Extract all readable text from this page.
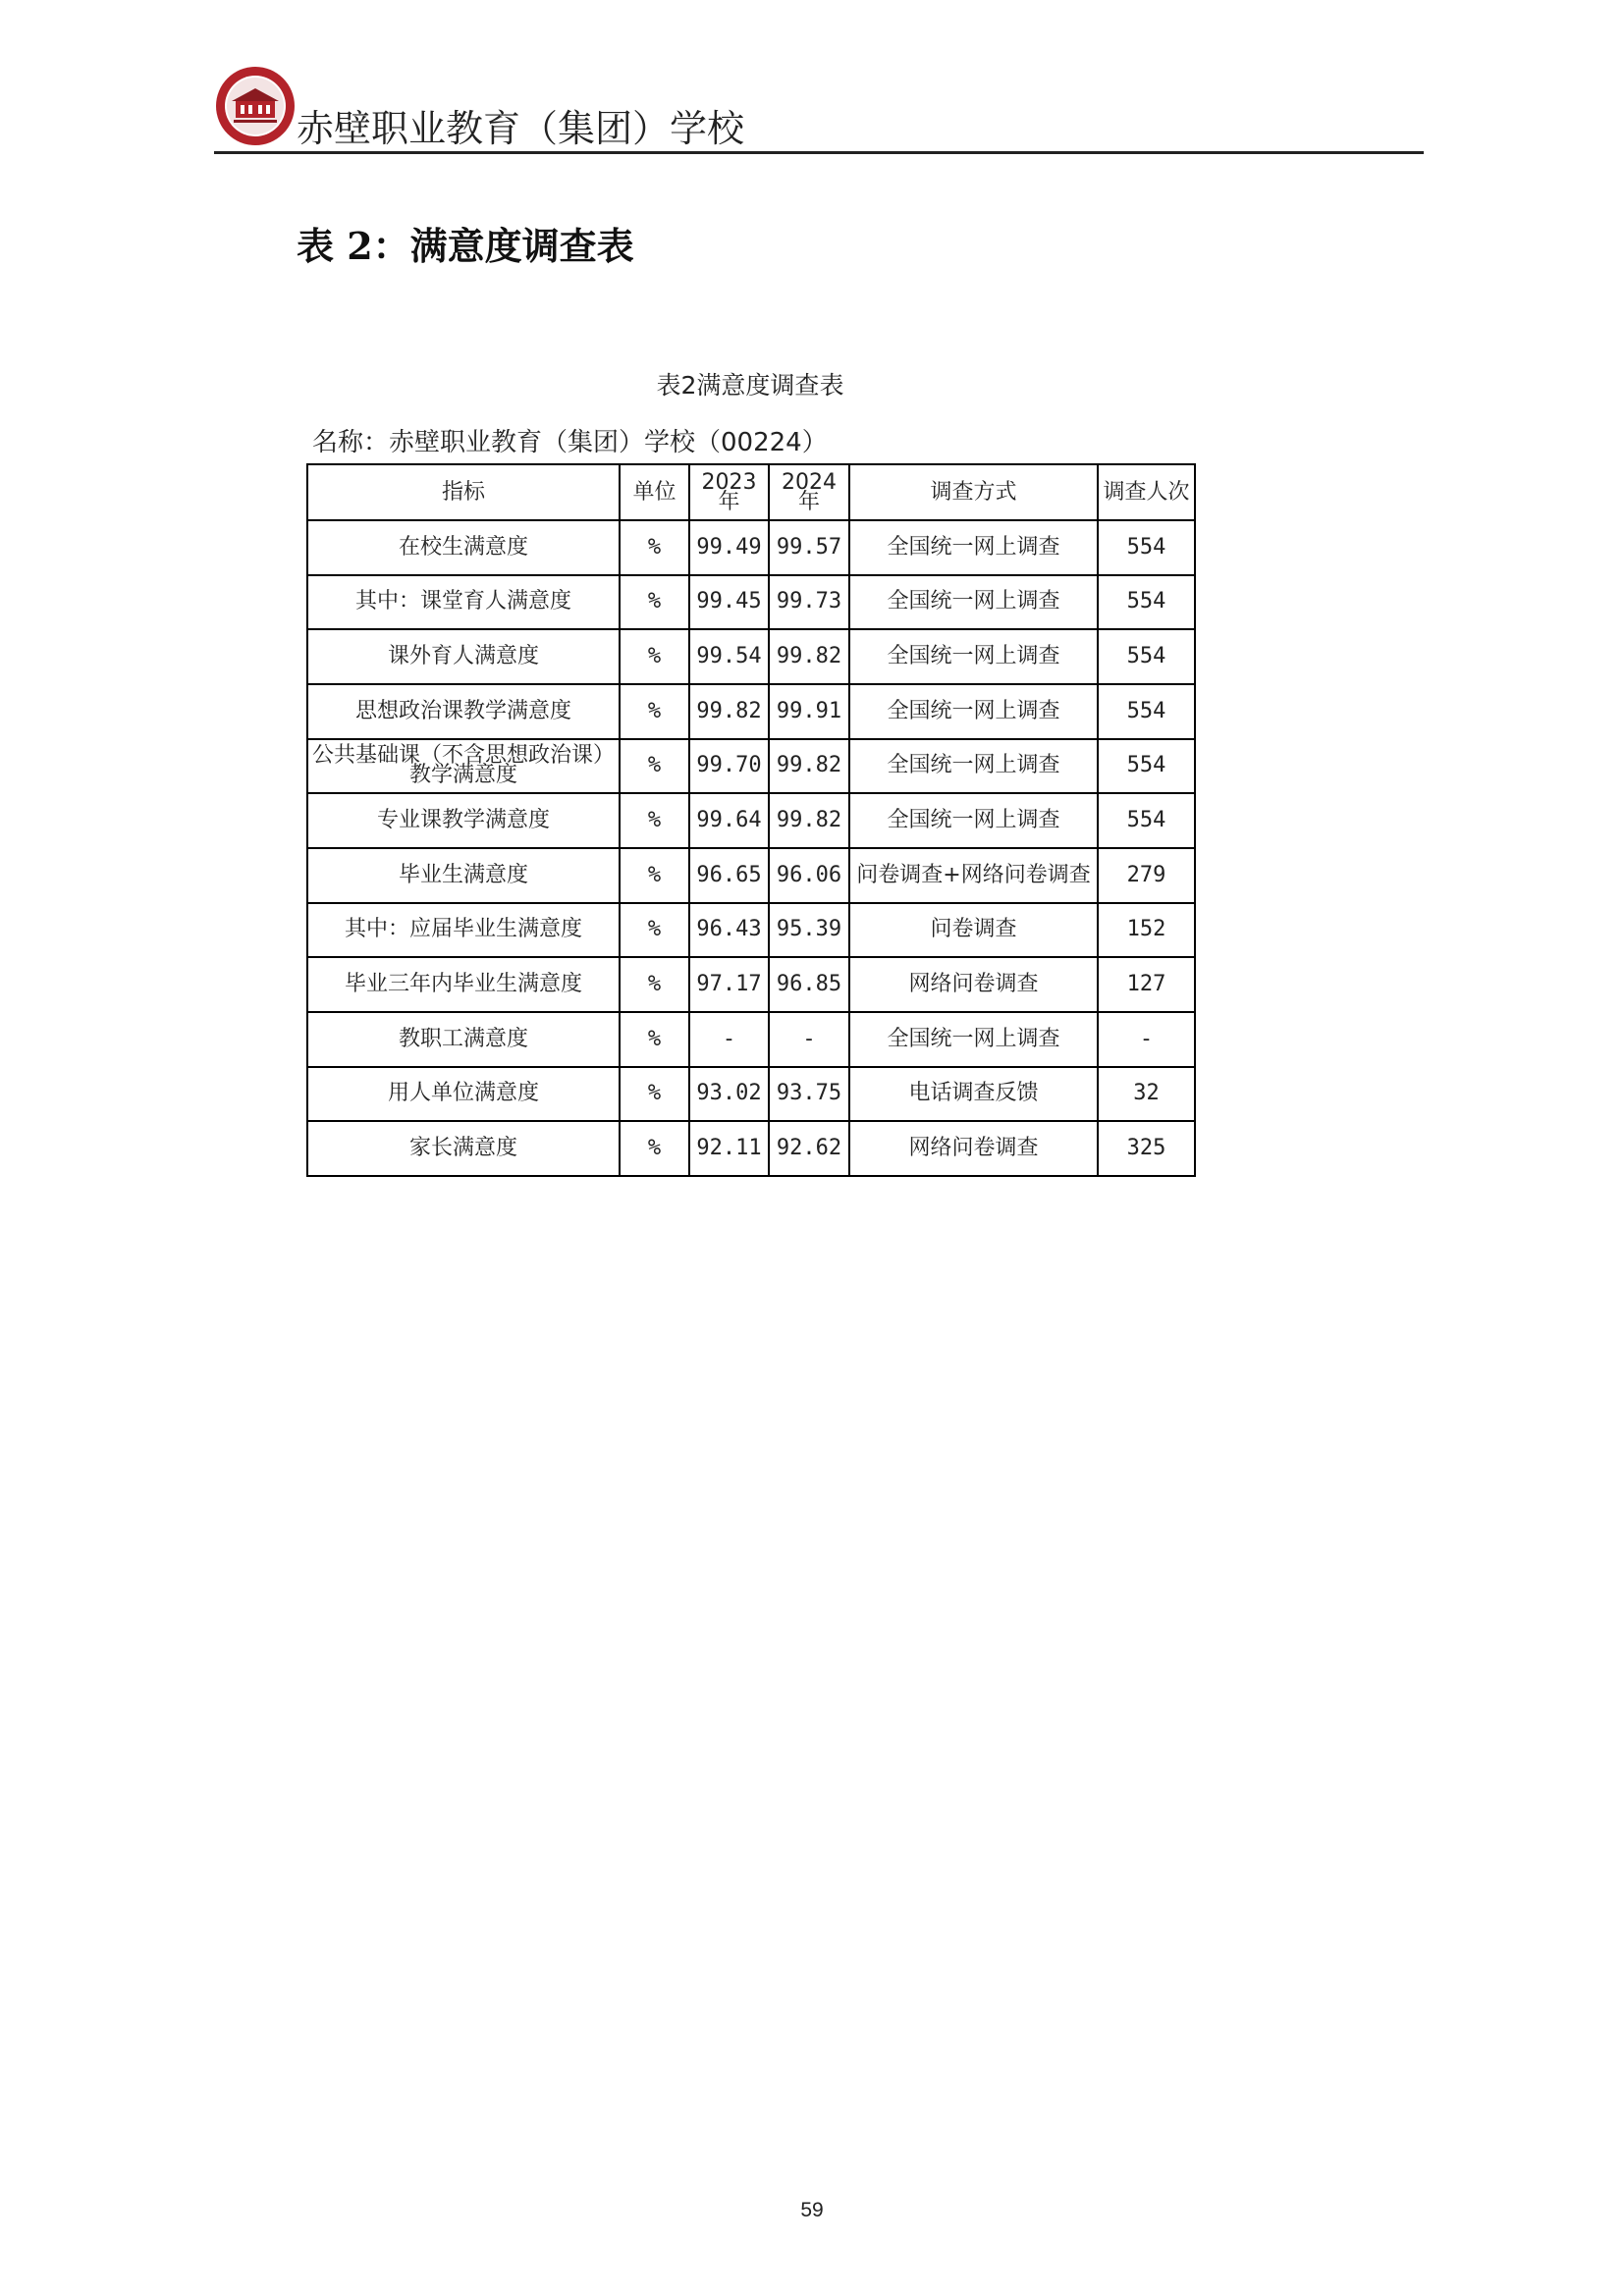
赤壁职业教育（集团）学校
表 2：满意度调查表
表2满意度调查表
名称：赤壁职业教育（集团）学校（00224）
指标	单位	2023年	2024年	调查方式	调查人次
在校生满意度	%	99.49	99.57	全国统一网上调查	554
其中：课堂育人满意度	%	99.45	99.73	全国统一网上调查	554
课外育人满意度	%	99.54	99.82	全国统一网上调查	554
思想政治课教学满意度	%	99.82	99.91	全国统一网上调查	554
公共基础课（不含思想政治课）教学满意度	%	99.70	99.82	全国统一网上调查	554
专业课教学满意度	%	99.64	99.82	全国统一网上调查	554
毕业生满意度	%	96.65	96.06	问卷调查+网络问卷调查	279
其中：应届毕业生满意度	%	96.43	95.39	问卷调查	152
毕业三年内毕业生满意度	%	97.17	96.85	网络问卷调查	127
教职工满意度	%	-	-	全国统一网上调查	-
用人单位满意度	%	93.02	93.75	电话调查反馈	32
家长满意度	%	92.11	92.62	网络问卷调查	325
59
